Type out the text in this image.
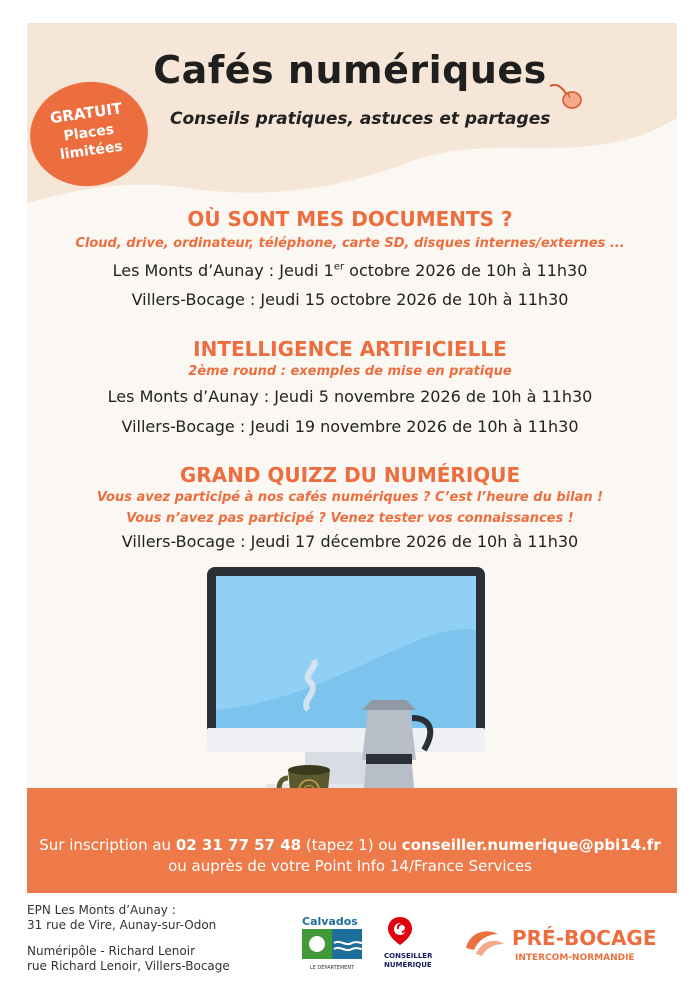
Cafés numériques
Conseils pratiques, astuces et partages
GRATUIT
Places
limitées
OÙ SONT MES DOCUMENTS ?
Cloud, drive, ordinateur, téléphone, carte SD, disques internes/externes ...
Les Monts d’Aunay : Jeudi 1er octobre 2026 de 10h à 11h30
Villers-Bocage : Jeudi 15 octobre 2026 de 10h à 11h30
INTELLIGENCE ARTIFICIELLE
2ème round : exemples de mise en pratique
Les Monts d’Aunay : Jeudi 5 novembre 2026 de 10h à 11h30
Villers-Bocage : Jeudi 19 novembre 2026 de 10h à 11h30
GRAND QUIZZ DU NUMÉRIQUE
Vous avez participé à nos cafés numériques ? C’est l’heure du bilan !
Vous n’avez pas participé ? Venez tester vos connaissances !
Villers-Bocage : Jeudi 17 décembre 2026 de 10h à 11h30
Sur inscription au 02 31 77 57 48 (tapez 1) ou conseiller.numerique@pbi14.fr
ou auprès de votre Point Info 14/France Services
EPN Les Monts d’Aunay :
31 rue de Vire, Aunay-sur-Odon
Numéripôle - Richard Lenoir
rue Richard Lenoir, Villers-Bocage
Calvados
LE DÉPARTEMENT
CONSEILLER
NUMÉRIQUE
PRÉ-BOCAGE
INTERCOM-NORMANDIE
